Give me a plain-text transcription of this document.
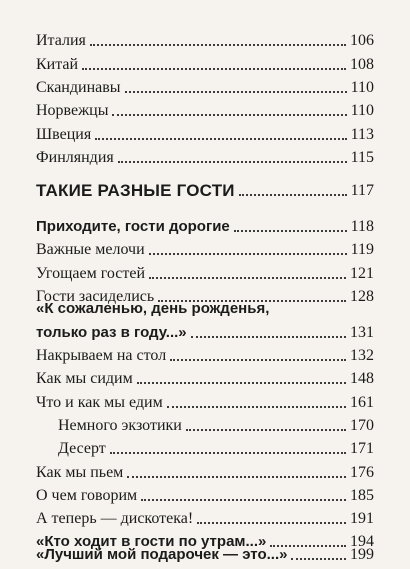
Италия	106
Китай	108
Скандинавы	110
Норвежцы	110
Швеция	113
Финляндия	115
ТАКИЕ РАЗНЫЕ ГОСТИ	117
Приходите, гости дорогие	118
Важные мелочи	119
Угощаем гостей	121
Гости засиделись	128
«К сожаленью, день рожденья,
только раз в году...»	131
Накрываем на стол	132
Как мы сидим	148
Что и как мы едим	161
Немного экзотики	170
Десерт	171
Как мы пьем	176
О чем говорим	185
А теперь — дискотека!	191
«Кто ходит в гости по утрам...»	194
«Лучший мой подарочек — это...»	199
